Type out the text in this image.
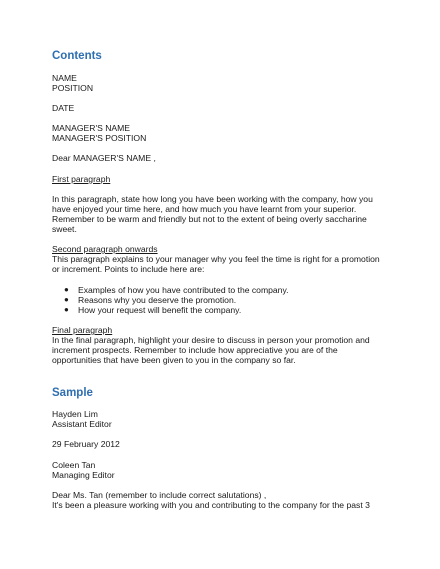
Contents
NAME
POSITION
DATE
MANAGER'S NAME
MANAGER'S POSITION
Dear MANAGER'S NAME ,
First paragraph
In this paragraph, state how long you have been working with the company, how you
have enjoyed your time here, and how much you have learnt from your superior.
Remember to be warm and friendly but not to the extent of being overly saccharine
sweet.
Second paragraph onwards
This paragraph explains to your manager why you feel the time is right for a promotion
or increment. Points to include here are:
● Examples of how you have contributed to the company.
● Reasons why you deserve the promotion.
● How your request will benefit the company.
Final paragraph
In the final paragraph, highlight your desire to discuss in person your promotion and
increment prospects. Remember to include how appreciative you are of the
opportunities that have been given to you in the company so far.
Sample
Hayden Lim
Assistant Editor
29 February 2012
Coleen Tan
Managing Editor
Dear Ms. Tan (remember to include correct salutations) ,
It's been a pleasure working with you and contributing to the company for the past 3
